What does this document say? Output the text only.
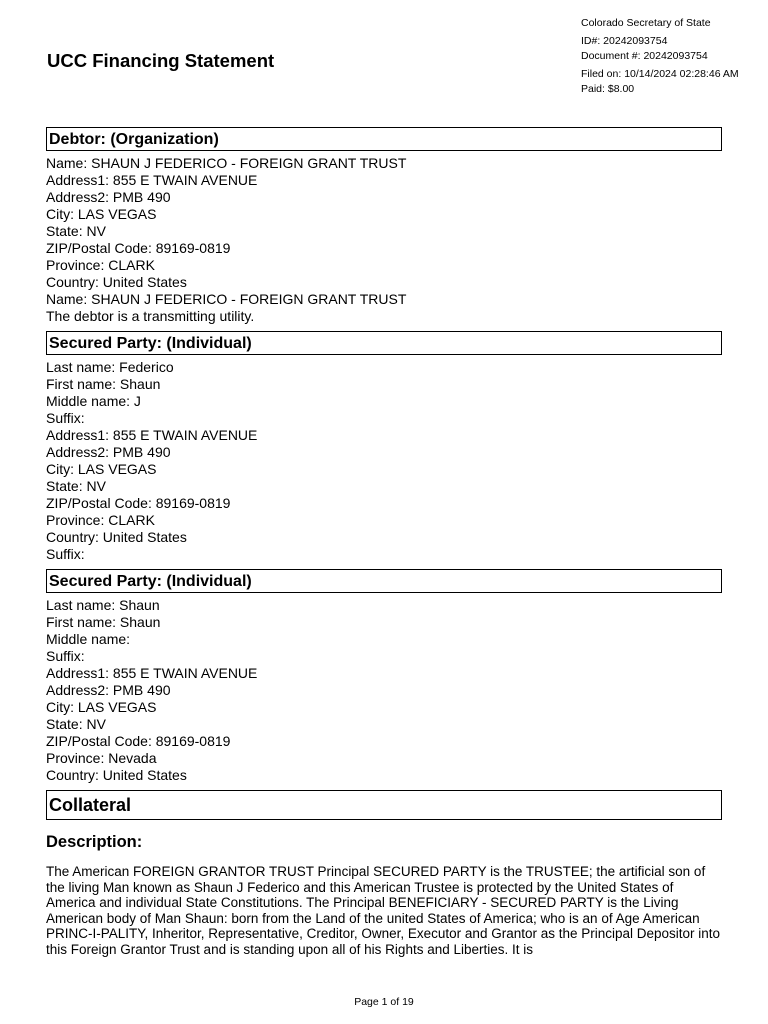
UCC Financing Statement
Colorado Secretary of State
ID#: 20242093754
Document #: 20242093754
Filed on: 10/14/2024 02:28:46 AM
Paid: $8.00
Debtor: (Organization)
Name: SHAUN J FEDERICO - FOREIGN GRANT TRUST
Address1: 855 E TWAIN AVENUE
Address2: PMB 490
City: LAS VEGAS
State: NV
ZIP/Postal Code: 89169-0819
Province: CLARK
Country: United States
Name: SHAUN J FEDERICO - FOREIGN GRANT TRUST
The debtor is a transmitting utility.
Secured Party: (Individual)
Last name: Federico
First name: Shaun
Middle name: J
Suffix:
Address1: 855 E TWAIN AVENUE
Address2: PMB 490
City: LAS VEGAS
State: NV
ZIP/Postal Code: 89169-0819
Province: CLARK
Country: United States
Suffix:
Secured Party: (Individual)
Last name: Shaun
First name: Shaun
Middle name:
Suffix:
Address1: 855 E TWAIN AVENUE
Address2: PMB 490
City: LAS VEGAS
State: NV
ZIP/Postal Code: 89169-0819
Province: Nevada
Country: United States
Collateral
Description:
The American FOREIGN GRANTOR TRUST Principal SECURED PARTY is the TRUSTEE; the artificial son of the living Man known as Shaun J Federico and this American Trustee is protected by the United States of America and individual State Constitutions. The Principal BENEFICIARY - SECURED PARTY is the Living American body of Man Shaun: born from the Land of the united States of America; who is an of Age American PRINC-I-PALITY, Inheritor, Representative, Creditor, Owner, Executor and Grantor as the Principal Depositor into this Foreign Grantor Trust and is standing upon all of his Rights and Liberties. It is
Page 1 of 19
